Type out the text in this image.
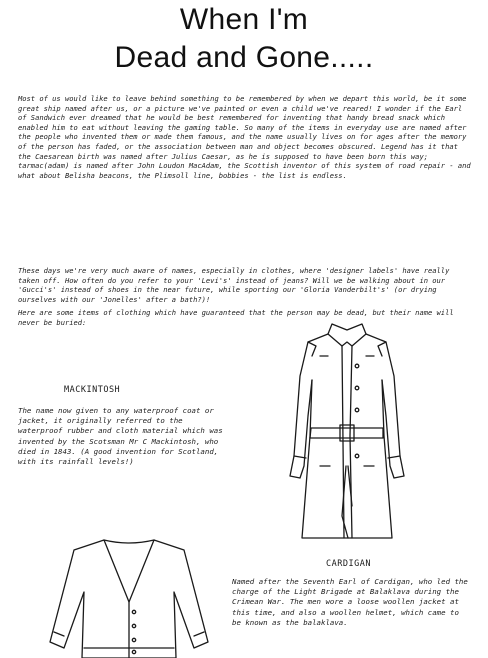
When I'm
Dead and Gone.....

Most of us would like to leave behind something to be remembered by when we depart this world, be it some great ship named after us, or a picture we've painted or even a child we've reared! I wonder if the Earl of Sandwich ever dreamed that he would be best remembered for inventing that handy bread snack which enabled him to eat without leaving the gaming table. So many of the items in everyday use are named after the people who invented them or made them famous, and the name usually lives on for ages after the memory of the person has faded, or the association between man and object becomes obscured. Legend has it that the Caesarean birth was named after Julius Caesar, as he is supposed to have been born this way; tarmac(adam) is named after John Loudon MacAdam, the Scottish inventor of this system of road repair - and what about Belisha beacons, the Plimsoll line, bobbies - the list is endless.

These days we're very much aware of names, especially in clothes, where 'designer labels' have really taken off. How often do you refer to your 'Levi's' instead of jeans? Will we be walking about in our 'Gucci's' instead of shoes in the near future, while sporting our 'Gloria Vanderbilt's' (or drying ourselves with our 'Jonelles' after a bath?)!

Here are some items of clothing which have guaranteed that the person may be dead, but their name will never be buried:

MACKINTOSH

The name now given to any waterproof coat or jacket, it originally referred to the waterproof rubber and cloth material which was invented by the Scotsman Mr C Mackintosh, who died in 1843. (A good invention for Scotland, with its rainfall levels!)

CARDIGAN

Named after the Seventh Earl of Cardigan, who led the charge of the Light Brigade at Balaklava during the Crimean War. The men wore a loose woollen jacket at this time, and also a woollen helmet, which came to be known as the balaklava.
